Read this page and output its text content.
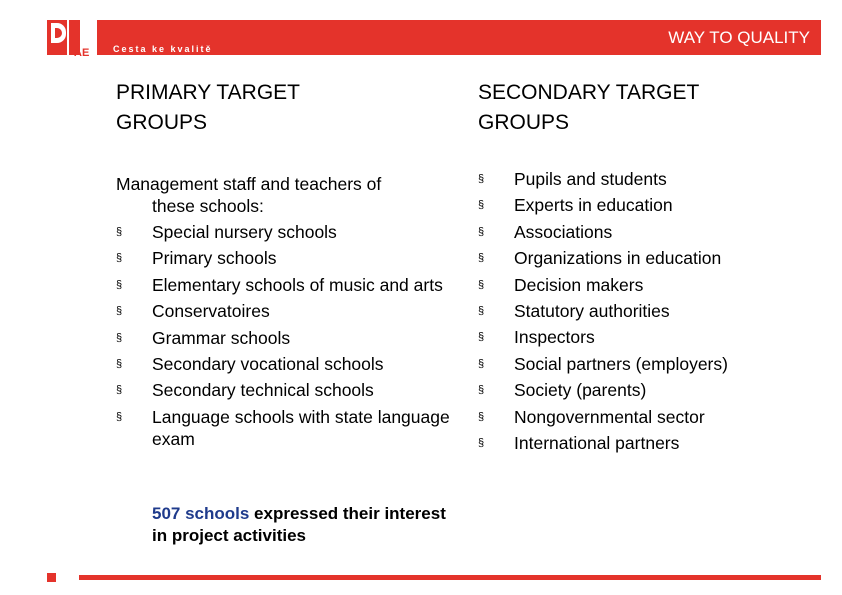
AE	Cesta ke kvalitě
WAY TO QUALITY
PRIMARY TARGET
GROUPS
SECONDARY TARGET
GROUPS
Management staff and teachers of
these schools:
§ Special nursery schools
§ Primary schools
§ Elementary schools of music and arts
§ Conservatoires
§ Grammar schools
§ Secondary vocational schools
§ Secondary technical schools
§ Language schools with state language exam
§ Pupils and students
§ Experts in education
§ Associations
§ Organizations in education
§ Decision makers
§ Statutory authorities
§ Inspectors
§ Social partners (employers)
§ Society (parents)
§ Nongovernmental sector
§ International partners
507 schools expressed their interest in project activities
